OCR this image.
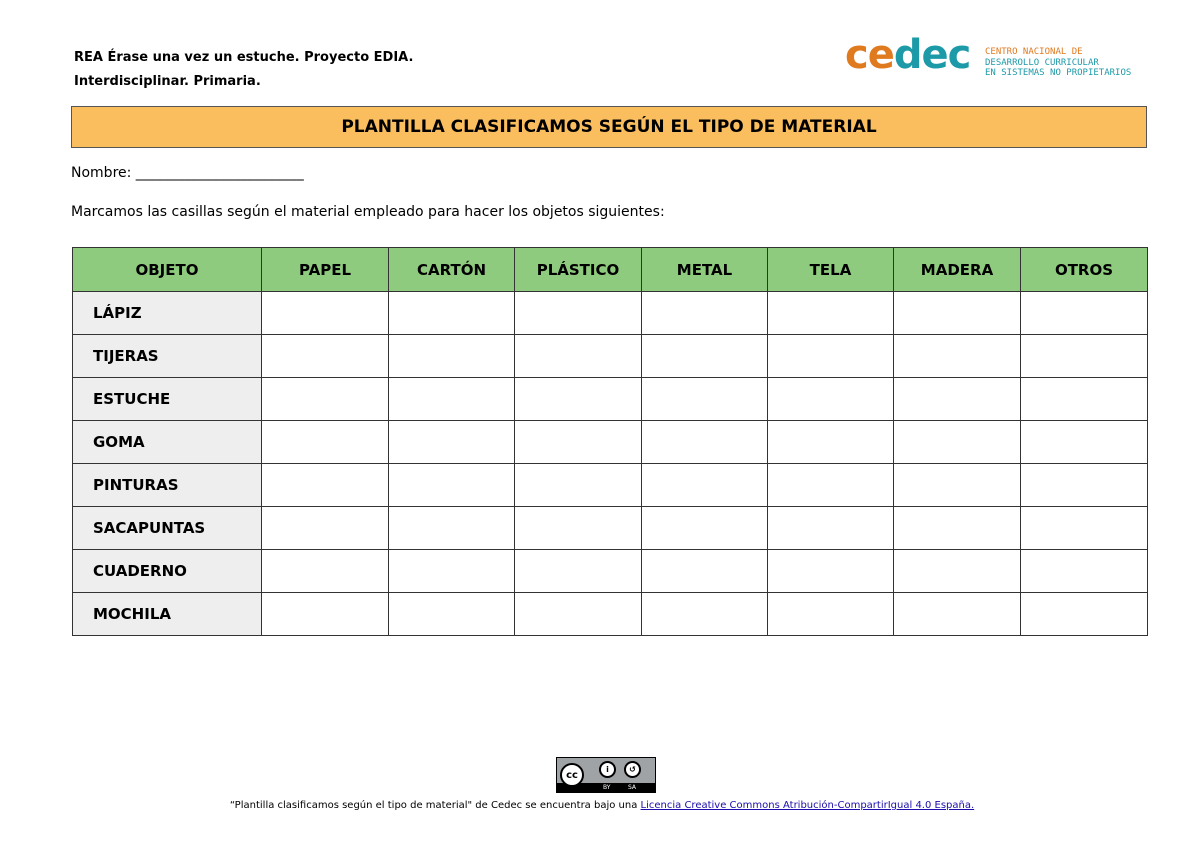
REA Érase una vez un estuche. Proyecto EDIA.
Interdisciplinar. Primaria.
cedec CENTRO NACIONAL DE
DESARROLLO CURRICULAR
EN SISTEMAS NO PROPIETARIOS
PLANTILLA CLASIFICAMOS SEGÚN EL TIPO DE MATERIAL
Nombre: ________________________
Marcamos las casillas según el material empleado para hacer los objetos siguientes:
OBJETO	PAPEL	CARTÓN	PLÁSTICO	METAL	TELA	MADERA	OTROS
LÁPIZ							
TIJERAS							
ESTUCHE							
GOMA							
PINTURAS							
SACAPUNTAS							
CUADERNO							
MOCHILA							
cc	i	↺
BY	SA
“Plantilla clasificamos según el tipo de material" de Cedec se encuentra bajo una Licencia Creative Commons Atribución-CompartirIgual 4.0 España.
